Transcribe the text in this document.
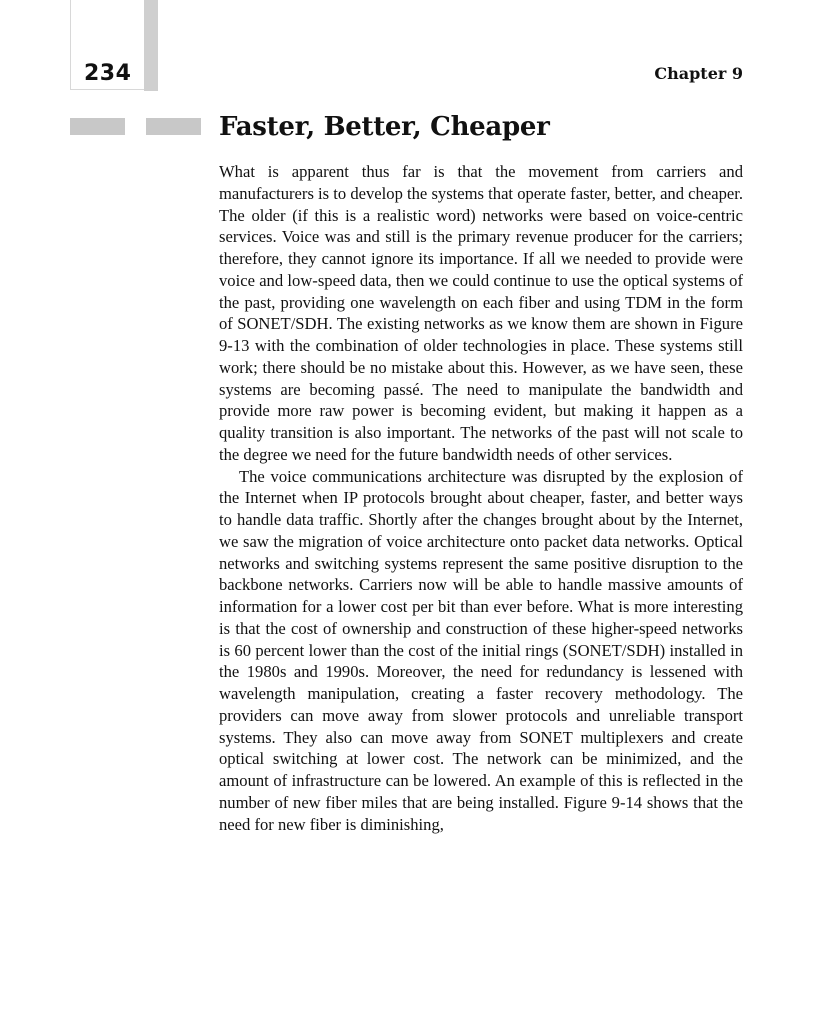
234	Chapter 9
Faster, Better, Cheaper

What is apparent thus far is that the movement from carriers and manufacturers is to develop the systems that operate faster, better, and cheaper. The older (if this is a realistic word) networks were based on voice-centric services. Voice was and still is the primary revenue producer for the carriers; therefore, they cannot ignore its importance. If all we needed to provide were voice and low-speed data, then we could continue to use the optical systems of the past, providing one wavelength on each fiber and using TDM in the form of SONET/SDH. The existing networks as we know them are shown in Figure 9-13 with the combination of older technologies in place. These systems still work; there should be no mistake about this. However, as we have seen, these systems are becoming passé. The need to manipulate the bandwidth and provide more raw power is becoming evident, but making it happen as a quality transition is also important. The networks of the past will not scale to the degree we need for the future bandwidth needs of other services.

The voice communications architecture was disrupted by the explosion of the Internet when IP protocols brought about cheaper, faster, and better ways to handle data traffic. Shortly after the changes brought about by the Internet, we saw the migration of voice architecture onto packet data networks. Optical networks and switching systems represent the same positive disruption to the backbone networks. Carriers now will be able to handle massive amounts of information for a lower cost per bit than ever before. What is more interesting is that the cost of ownership and construction of these higher-speed networks is 60 percent lower than the cost of the initial rings (SONET/SDH) installed in the 1980s and 1990s. Moreover, the need for redundancy is lessened with wavelength manipulation, creating a faster recovery methodology. The providers can move away from slower protocols and unreliable transport systems. They also can move away from SONET multiplexers and create optical switching at lower cost. The network can be minimized, and the amount of infrastructure can be lowered. An example of this is reflected in the number of new fiber miles that are being installed. Figure 9-14 shows that the need for new fiber is diminishing,
